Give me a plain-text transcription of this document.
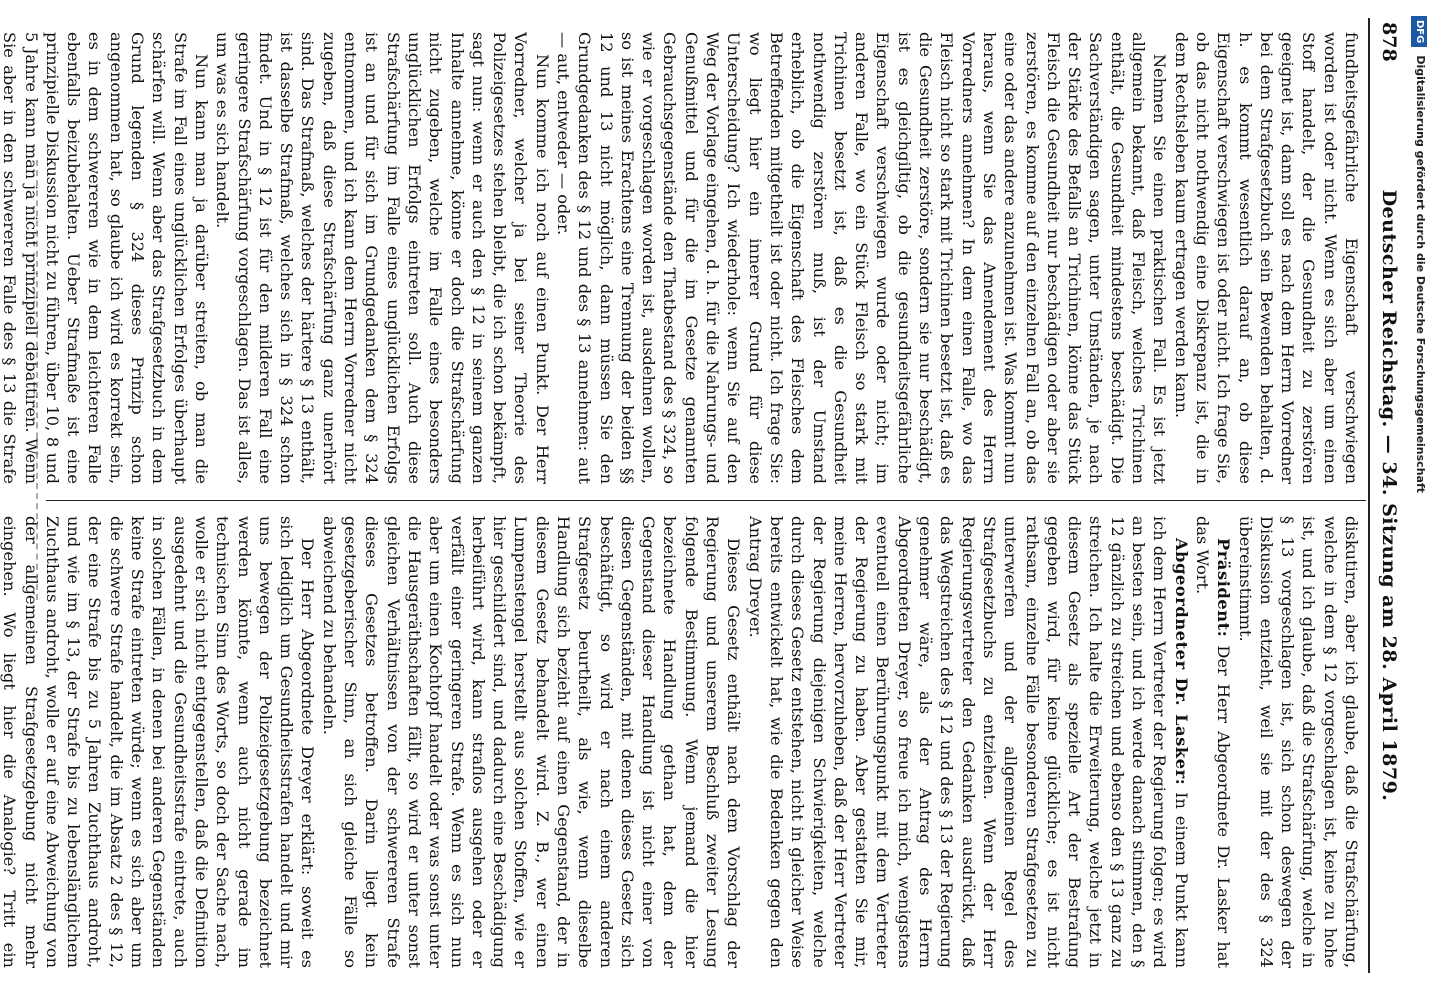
878
Deutscher Reichstag. — 34. Sitzung am 28. April 1879.

fundheitsgefährliche Eigenschaft verschwiegen worden ist oder nicht. Wenn es sich aber um einen Stoff handelt, der die Gesundheit zu zerstören geeignet ist, dann soll es nach dem Herrn Vorredner bei dem Strafgesetzbuch sein Bewenden behalten, d. h. es kommt wesentlich darauf an, ob diese Eigenschaft verschwiegen ist oder nicht. Ich frage Sie, ob das nicht nothwendig eine Diskrepanz ist, die in dem Rechtsleben kaum ertragen werden kann.

Nehmen Sie einen praktischen Fall. Es ist jetzt allgemein bekannt, daß Fleisch, welches Trichinen enthält, die Gesundheit mindestens beschädigt. Die Sachverständigen sagen, unter Umständen, je nach der Stärke des Befalls an Trichinen, könne das Stück Fleisch die Gesundheit nur beschädigen oder aber sie zerstören, es komme auf den einzelnen Fall an, ob das eine oder das andere anzunehmen ist. Was kommt nun heraus, wenn Sie das Amendement des Herrn Vorredners annehmen? In dem einen Falle, wo das Fleisch nicht so stark mit Trichinen besetzt ist, daß es die Gesundheit zerstöre, sondern sie nur beschädigt, ist es gleichgiltig, ob die gesundheitsgefährliche Eigenschaft verschwiegen wurde oder nicht; im anderen Falle, wo ein Stück Fleisch so stark mit Trichinen besetzt ist, daß es die Gesundheit nothwendig zerstören muß, ist der Umstand erheblich, ob die Eigenschaft des Fleisches dem Betreffenden mitgetheilt ist oder nicht. Ich frage Sie: wo liegt hier ein innerer Grund für diese Unterscheidung? Ich wiederhole: wenn Sie auf den Weg der Vorlage eingehen, d. h. für die Nahrungs- und Genußmittel und für die im Gesetze genannten Gebrauchsgegenstände den Thatbestand des § 324, so wie er vorgeschlagen worden ist, ausdehnen wollen, so ist meines Erachtens eine Trennung der beiden §§ 12 und 13 nicht möglich, dann müssen Sie den Grundgedanken des § 12 und des § 13 annehmen: aut — aut, entweder — oder.

Nun komme ich noch auf einen Punkt. Der Herr Vorredner, welcher ja bei seiner Theorie des Polizeigesetzes stehen bleibt, die ich schon bekämpft, sagt nun: wenn er auch den § 12 in seinem ganzen Inhalte annehme, könne er doch die Strafschärfung nicht zugeben, welche im Falle eines besonders unglücklichen Erfolgs eintreten soll. Auch diese Strafschärfung im Falle eines unglücklichen Erfolgs ist an und für sich im Grundgedanken dem § 324 entnommen, und ich kann dem Herrn Vorredner nicht zugeben, daß diese Strafschärfung ganz unerhört sind. Das Strafmaß, welches der härtere § 13 enthält, ist dasselbe Strafmaß, welches sich in § 324 schon findet. Und in § 12 ist für den milderen Fall eine geringere Strafschärfung vorgeschlagen. Das ist alles, um was es sich handelt.

Nun kann man ja darüber streiten, ob man die Strafe im Fall eines unglücklichen Erfolges überhaupt schärfen will. Wenn aber das Strafgesetzbuch in dem Grund legenden § 324 dieses Prinzip schon angenommen hat, so glaube ich wird es korrekt sein, es in dem schwereren wie in dem leichteren Falle ebenfalls beizubehalten. Ueber Strafmaße ist eine prinzipielle Diskussion nicht zu führen, über 10, 8 und 5 Jahre kann man ja nicht prinzipiell debattiren. Wenn Sie aber in den schwereren Falle des § 13 die Strafe

diskutiren, aber ich glaube, daß die Strafschärfung, welche in dem § 12 vorgeschlagen ist, keine zu hohe ist, und ich glaube, daß die Strafschärfung, welche in § 13 vorgeschlagen ist, sich schon deswegen der Diskussion entzieht, weil sie mit der des § 324 übereinstimmt.

Präsident: Der Herr Abgeordnete Dr. Lasker hat das Wort.

Abgeordneter Dr. Lasker: In einem Punkt kann ich dem Herrn Vertreter der Regierung folgen; es wird an besten sein, und ich werde danach stimmen, den § 12 gänzlich zu streichen und ebenso den § 13 ganz zu streichen. Ich halte die Erweiterung, welche jetzt in diesem Gesetz als spezielle Art der Bestrafung gegeben wird, für keine glückliche; es ist nicht rathsam, einzelne Fälle besonderen Strafgesetzen zu unterwerfen und der allgemeinen Regel des Strafgesetzbuchs zu entziehen. Wenn der Herr Regierungsvertreter den Gedanken ausdrückt, daß das Wegstreichen des § 12 und des § 13 der Regierung genehmer wäre, als der Antrag des Herrn Abgeordneten Dreyer, so freue ich mich, wenigstens eventuell einen Berührungspunkt mit dem Vertreter der Regierung zu haben. Aber gestatten Sie mir, meine Herren, hervorzuheben, daß der Herr Vertreter der Regierung diejenigen Schwierigkeiten, welche durch dieses Gesetz entstehen, nicht in gleicher Weise bereits entwickelt hat, wie die Bedenken gegen den Antrag Dreyer.

Dieses Gesetz enthält nach dem Vorschlag der Regierung und unserem Beschluß zweiter Lesung folgende Bestimmung. Wenn jemand die hier bezeichnete Handlung gethan hat, dem der Gegenstand dieser Handlung ist nicht einer von diesen Gegenständen, mit denen dieses Gesetz sich beschäftigt, so wird er nach einem anderen Strafgesetz beurtheilt, als wie, wenn dieselbe Handlung sich bezieht auf einen Gegenstand, der in diesem Gesetz behandelt wird. Z. B., wer einen Lumpenstengel herstellt aus solchen Stoffen, wie er hier geschildert sind, und dadurch eine Beschädigung herbeiführt wird, kann straflos ausgehen oder er verfällt einer geringeren Strafe. Wenn es sich nun aber um einen Kochtopf handelt oder was sonst unter die Hausgeräthschaften fällt, so wird er unter sonst gleichen Verhältnissen von der schwereren Strafe dieses Gesetzes betroffen. Darin liegt kein gesetzgeberischer Sinn, an sich gleiche Fälle so abweichend zu behandeln.

Der Herr Abgeordnete Dreyer erklärt: soweit es sich lediglich um Gesundheitsstrafen handelt und mir uns bewegen der Polizeigesetzgebung bezeichnet werden könnte, wenn auch nicht gerade im technischen Sinn des Worts, so doch der Sache nach, wolle er sich nicht entgegenstellen, daß die Definition ausgedehnt und die Gesundheitsstrafe eintrete, auch in solchen Fällen, in denen bei anderen Gegenständen keine Strafe eintreten würde; wenn es sich aber um die schwere Strafe handelt, die im Absatz 2 des § 12, der eine Strafe bis zu 5 Jahren Zuchthaus androht, und wie im § 13, der Strafe bis zu lebenslänglichem Zuchthaus androht, wolle er auf eine Abweichung von der allgemeinen Strafgesetzgebung nicht mehr eingehen. Wo liegt hier die Analogie? Tritt ein

DFGDigitalisierung gefördert durch die Deutsche Forschungsgemeinschaft
